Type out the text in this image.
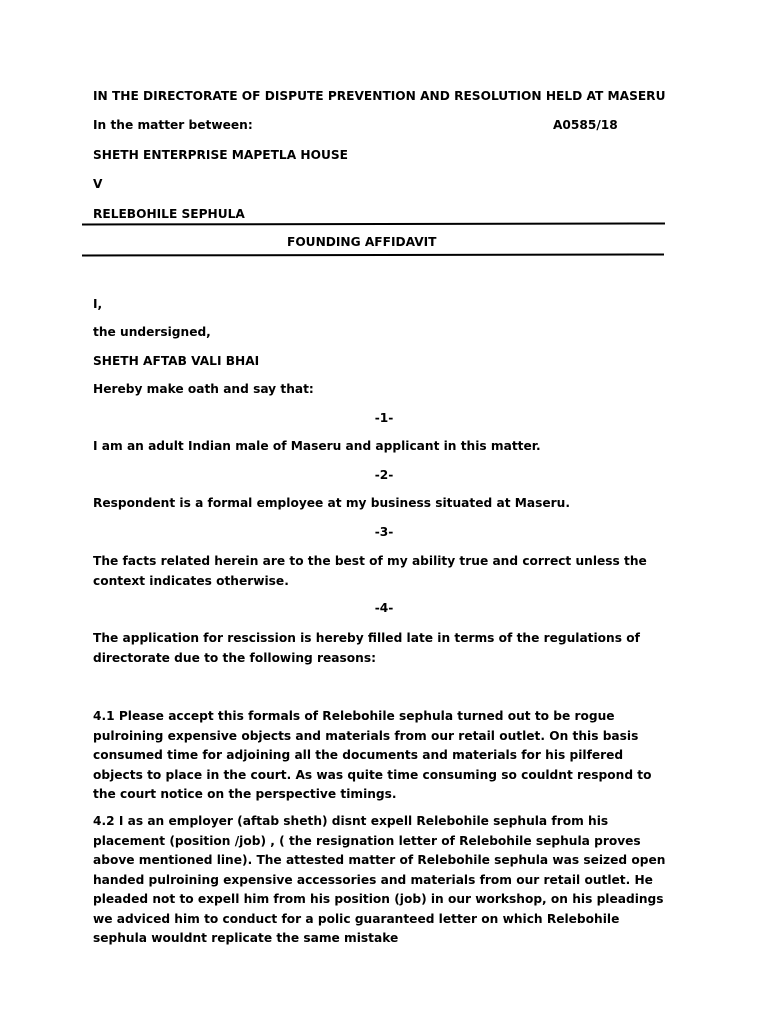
IN THE DIRECTORATE OF DISPUTE PREVENTION AND RESOLUTION HELD AT MASERU
In the matter between:	A0585/18
SHETH ENTERPRISE MAPETLA HOUSE
V
RELEBOHILE SEPHULA
FOUNDING AFFIDAVIT
I,
the undersigned,
SHETH AFTAB VALI BHAI
Hereby make oath and say that:
-1-
I am an adult Indian male of Maseru and applicant in this matter.
-2-
Respondent is a formal employee at my business situated at Maseru.
-3-
The facts related herein are to the best of my ability true and correct unless the context indicates otherwise.
-4-
The application for rescission is hereby filled late in terms of the regulations of directorate due to the following reasons:
4.1 Please accept this formals of Relebohile sephula turned out to be rogue pulroining expensive objects and materials from our retail outlet. On this basis consumed time for adjoining all the documents and materials for his pilfered objects to place in the court. As was quite time consuming so couldnt respond to the court notice on the perspective timings.
4.2 I as an employer (aftab sheth) disnt expell Relebohile sephula from his placement (position /job) , ( the resignation letter of Relebohile sephula proves above mentioned line). The attested matter of Relebohile sephula was seized open handed pulroining expensive accessories and materials from our retail outlet. He pleaded not to expell him from his position (job) in our workshop, on his pleadings we adviced him to conduct for a polic guaranteed letter on which Relebohile sephula wouldnt replicate the same mistake
